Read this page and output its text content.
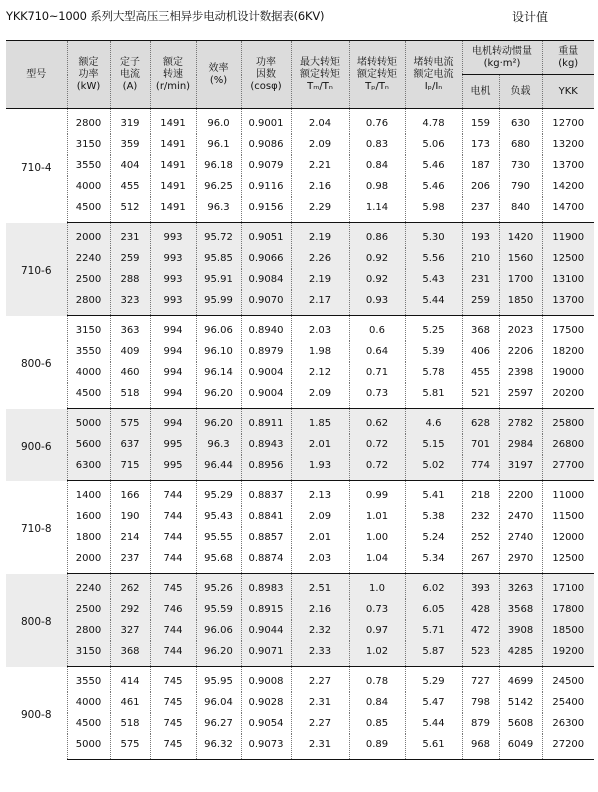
YKK710~1000 系列大型高压三相异步电动机设计数据表(6KV)	设计值
型号	额定
功率
(kW)	定子
电流
(A)	额定
转速
(r/min)	效率
(%)	功率
因数
(cosφ)	最大转矩
额定转矩
Tₘ/Tₙ	堵转转矩
额定转矩
Tₚ/Tₙ	堵转电流
额定电流
Iₚ/Iₙ	电机转动惯量
(kg·m²)		重量
(kg)

									电机	负载	YKK
710-4	2800	319	1491	96.0	0.9001	2.04	0.76	4.78	159	630	12700
	3150	359	1491	96.1	0.9086	2.09	0.83	5.06	173	680	13200
	3550	404	1491	96.18	0.9079	2.21	0.84	5.46	187	730	13700
	4000	455	1491	96.25	0.9116	2.16	0.98	5.46	206	790	14200
	4500	512	1491	96.3	0.9156	2.29	1.14	5.98	237	840	14700
710-6	2000	231	993	95.72	0.9051	2.19	0.86	5.30	193	1420	11900
	2240	259	993	95.85	0.9066	2.26	0.92	5.56	210	1560	12500
	2500	288	993	95.91	0.9084	2.19	0.92	5.43	231	1700	13100
	2800	323	993	95.99	0.9070	2.17	0.93	5.44	259	1850	13700
800-6	3150	363	994	96.06	0.8940	2.03	0.6	5.25	368	2023	17500
	3550	409	994	96.10	0.8979	1.98	0.64	5.39	406	2206	18200
	4000	460	994	96.14	0.9004	2.12	0.71	5.78	455	2398	19000
	4500	518	994	96.20	0.9004	2.09	0.73	5.81	521	2597	20200
900-6	5000	575	994	96.20	0.8911	1.85	0.62	4.6	628	2782	25800
	5600	637	995	96.3	0.8943	2.01	0.72	5.15	701	2984	26800
	6300	715	995	96.44	0.8956	1.93	0.72	5.02	774	3197	27700
710-8	1400	166	744	95.29	0.8837	2.13	0.99	5.41	218	2200	11000
	1600	190	744	95.43	0.8841	2.09	1.01	5.38	232	2470	11500
	1800	214	744	95.55	0.8857	2.01	1.00	5.24	252	2740	12000
	2000	237	744	95.68	0.8874	2.03	1.04	5.34	267	2970	12500
800-8	2240	262	745	95.26	0.8983	2.51	1.0	6.02	393	3263	17100
	2500	292	746	95.59	0.8915	2.16	0.73	6.05	428	3568	17800
	2800	327	744	96.06	0.9044	2.32	0.97	5.71	472	3908	18500
	3150	368	744	96.20	0.9071	2.33	1.02	5.87	523	4285	19200
900-8	3550	414	745	95.95	0.9008	2.27	0.78	5.29	727	4699	24500
	4000	461	745	96.04	0.9028	2.31	0.84	5.47	798	5142	25400
	4500	518	745	96.27	0.9054	2.27	0.85	5.44	879	5608	26300
	5000	575	745	96.32	0.9073	2.31	0.89	5.61	968	6049	27200
